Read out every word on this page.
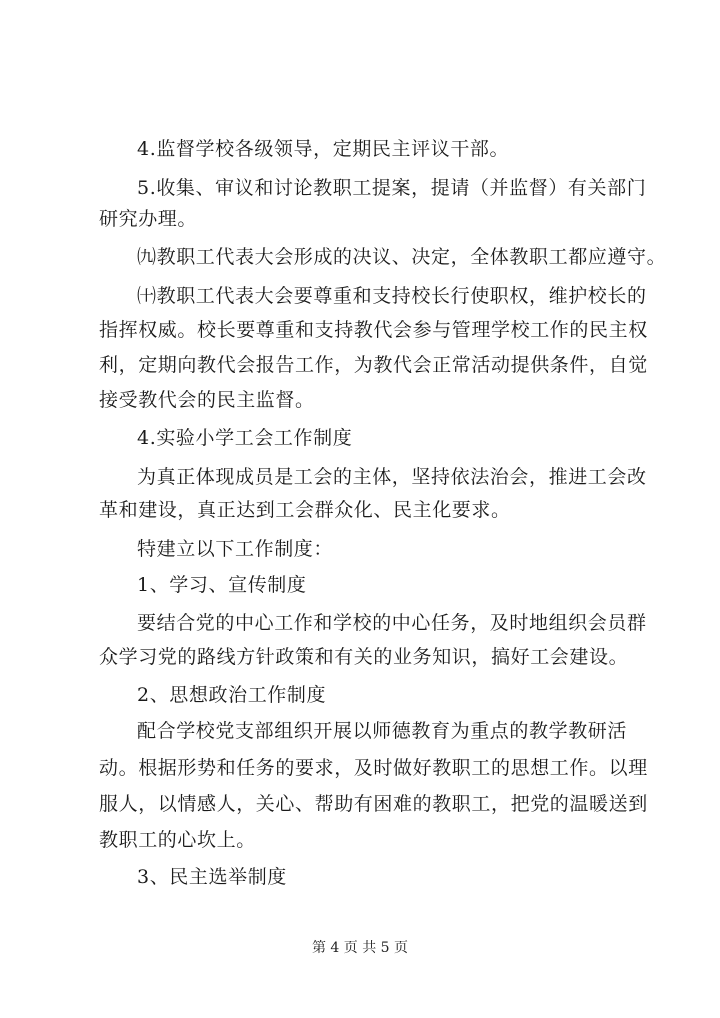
4.监督学校各级领导，定期民主评议干部。
5.收集、审议和讨论教职工提案，提请（并监督）有关部门
研究办理。
㈨教职工代表大会形成的决议、决定，全体教职工都应遵守。
㈩教职工代表大会要尊重和支持校长行使职权，维护校长的
指挥权威。校长要尊重和支持教代会参与管理学校工作的民主权
利，定期向教代会报告工作，为教代会正常活动提供条件，自觉
接受教代会的民主监督。
4.实验小学工会工作制度
为真正体现成员是工会的主体，坚持依法治会，推进工会改
革和建设，真正达到工会群众化、民主化要求。
特建立以下工作制度：
1、学习、宣传制度
要结合党的中心工作和学校的中心任务，及时地组织会员群
众学习党的路线方针政策和有关的业务知识，搞好工会建设。
2、思想政治工作制度
配合学校党支部组织开展以师德教育为重点的教学教研活
动。根据形势和任务的要求，及时做好教职工的思想工作。以理
服人，以情感人，关心、帮助有困难的教职工，把党的温暖送到
教职工的心坎上。
3、民主选举制度
第 4 页 共 5 页
